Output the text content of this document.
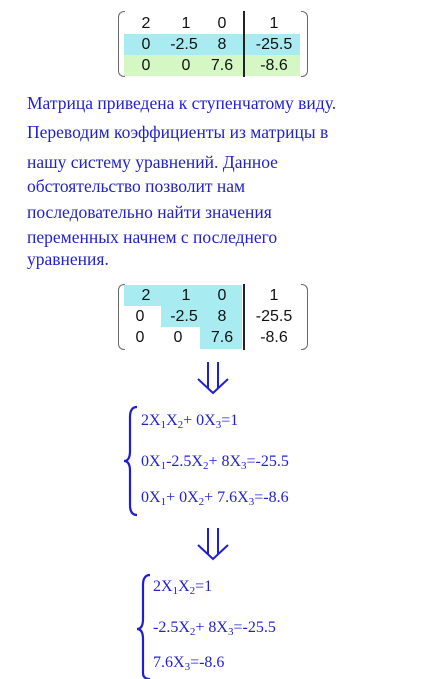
2	1	0	1
0	-2.5	8	-25.5
0	0	7.6	-8.6
Матрица приведена к ступенчатому виду.
Переводим коэффициенты из матрицы в
нашу систему уравнений. Данное
обстоятельство позволит нам
последовательно найти значения
переменных начнем с последнего
уравнения.
2	1	0	1
0	-2.5	8	-25.5
0	0	7.6	-8.6
$2X_1X_2+ 0X_3=1$
$0X_1-2.5X_2+ 8X_3=-25.5$
$0X_1+ 0X_2+ 7.6X_3=-8.6$
$2X_1X_2=1$
$-2.5X_2+ 8X_3=-25.5$
$7.6X_3=-8.6$
